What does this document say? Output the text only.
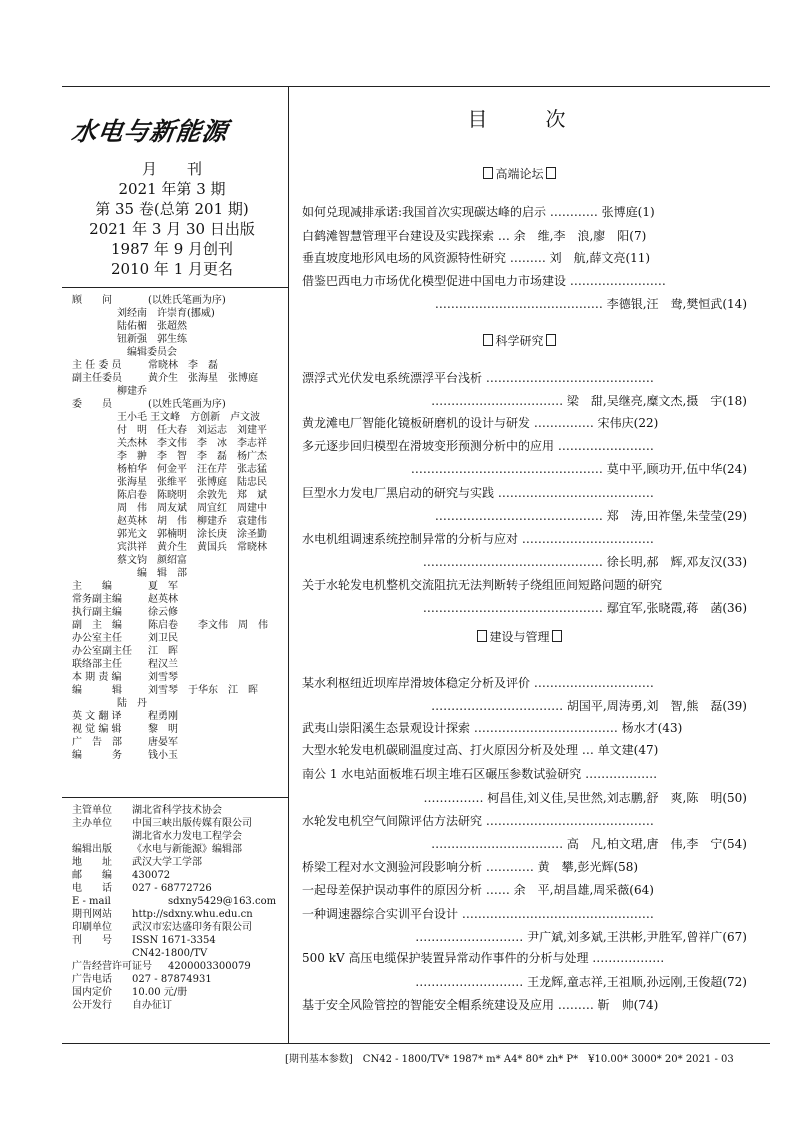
水电与新能源
月　　刊
2021 年第 3 期
第 35 卷(总第 201 期)
2021 年 3 月 30 日出版
1987 年 9 月创刊
2010 年 1 月更名
顾　　问	(以姓氏笔画为序)
刘经南　许崇育(挪威)
陆佑楣　张超然
钮新强　郭生练
　编辑委员会
主 任 委 员	常晓林　李　磊
副主任委员	黄介生　张海星　张博庭
柳建乔
委　　员	(以姓氏笔画为序)
王小毛 王文峰　方创新　卢文波
付　明　任大春　刘运志　刘建平
关杰林　李文伟　李　冰　李志祥
李　翀　李　智　李　磊　杨广杰
杨柏华　何金平　汪在芹　张志猛
张海星　张维平　张博庭　陆忠民
陈启卷　陈晓明　余敦先　郑　斌
周　伟　周友斌　周宜红　周建中
赵英林　胡　伟　柳建乔　袁建伟
郭光文　郭楠明　涂长庚　涂圣勤
宾洪祥　黄介生　黄国兵　常晓林
蔡文钧　颜绍富
　　编　辑　部
主　　编	夏　军
常务副主编	赵英林
执行副主编	徐云修
副　主　编	陈启卷　　李文伟　周　伟
办公室主任	刘卫民
办公室副主任	江　晖
联络部主任	程汉兰
本 期 责 编	刘雪琴
编　　　辑	刘雪琴　于华东　江　晖
陆　丹
英 文 翻 译	程勇刚
视 觉 编 辑	黎　明
广　告　部	唐晏军
编　　　务	钱小玉
主管单位	湖北省科学技术协会
主办单位	中国三峡出版传媒有限公司
湖北省水力发电工程学会
编辑出版	《水电与新能源》编辑部
地　　址	武汉大学工学部
邮　　编	430072
电　　话	027 - 68772726
E - mail	sdxny5429@163.com
期刊网站	http://sdxny.whu.edu.cn
印刷单位	武汉市宏达盛印务有限公司
刊　　号	ISSN 1671-3354
CN42-1800/TV
广告经营许可证号	4200003300079
广告电话	027 - 87874931
国内定价	10.00 元/册
公开发行	自办征订
目　　次
高端论坛
科学研究
建设与管理
如何兑现减排承诺:我国首次实现碳达峰的启示 ………… 张博庭(1)
白鹤滩智慧管理平台建设及实践探索 … 余　维,李　浪,廖　阳(7)
垂直坡度地形风电场的风资源特性研究 ……… 刘　航,薛文亮(11)
借鉴巴西电力市场优化模型促进中国电力市场建设 ……………………
…………………………………… 李德银,汪　鸯,樊恒武(14)
漂浮式光伏发电系统漂浮平台浅析 ……………………………………
…………………………… 梁　甜,吴继亮,糜文杰,摄　宇(18)
黄龙滩电厂智能化镜板研磨机的设计与研发 …………… 宋伟庆(22)
多元逐步回归模型在滑坡变形预测分析中的应用 ……………………
………………………………………… 莫中平,顾功开,伍中华(24)
巨型水力发电厂黑启动的研究与实践 …………………………………
…………………………………… 郑　涛,田祚堡,朱莹莹(29)
水电机组调速系统控制异常的分析与应对 ……………………………
……………………………………… 徐长明,郝　辉,邓友汉(33)
关于水轮发电机整机交流阻抗无法判断转子绕组匝间短路问题的研究
……………………………………… 鄢宜军,张晓霞,蒋　菡(36)
某水利枢纽近坝库岸滑坡体稳定分析及评价 …………………………
…………………………… 胡国平,周涛勇,刘　智,熊　磊(39)
武夷山崇阳溪生态景观设计探索 ……………………………… 杨水才(43)
大型水轮发电机碳刷温度过高、打火原因分析及处理 … 单文建(47)
南公 1 水电站面板堆石坝主堆石区碾压参数试验研究 ………………
…………… 柯昌佳,刘义佳,吴世然,刘志鹏,舒　爽,陈　明(50)
水轮发电机空气间隙评估方法研究 ……………………………………
…………………………… 高　凡,柏文珺,唐　伟,李　宁(54)
桥梁工程对水文测验河段影响分析 ………… 黄　攀,彭光辉(58)
一起母差保护误动事件的原因分析 …… 余　平,胡昌雄,周采薇(64)
一种调速器综合实训平台设计 …………………………………………
……………………… 尹广斌,刘多斌,王洪彬,尹胜军,曾祥广(67)
500 kV 高压电缆保护装置异常动作事件的分析与处理 ………………
……………………… 王龙辉,童志祥,王祖顺,孙远刚,王俊超(72)
基于安全风险管控的智能安全帽系统建设及应用 ……… 靳　帅(74)
[期刊基本参数]　CN42 - 1800/TV* 1987* m* A4* 80* zh* P*　¥10.00* 3000* 20* 2021 - 03
